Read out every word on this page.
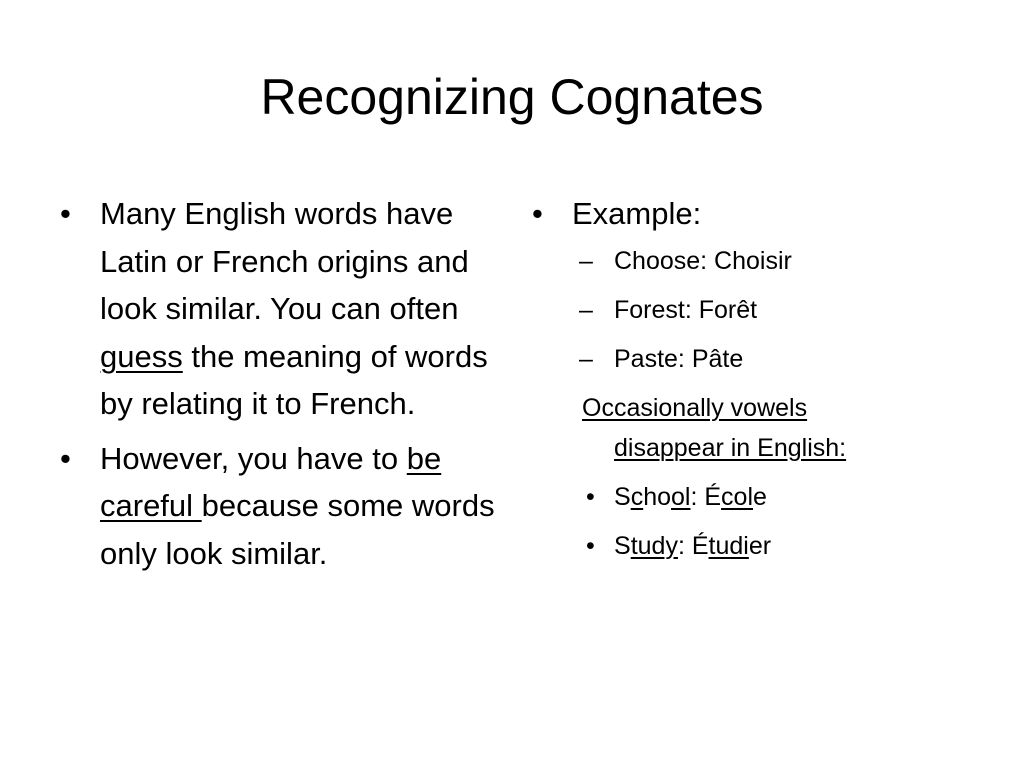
Recognizing Cognates
• Many English words have Latin or French origins and look similar. You can often guess the meaning of words by relating it to French.
• However, you have to be careful because some words only look similar.
• Example:
– Choose: Choisir
– Forest: Forêt
– Paste: Pâte
Occasionally vowels disappear in English:
• School: École
• Study: Étudier
